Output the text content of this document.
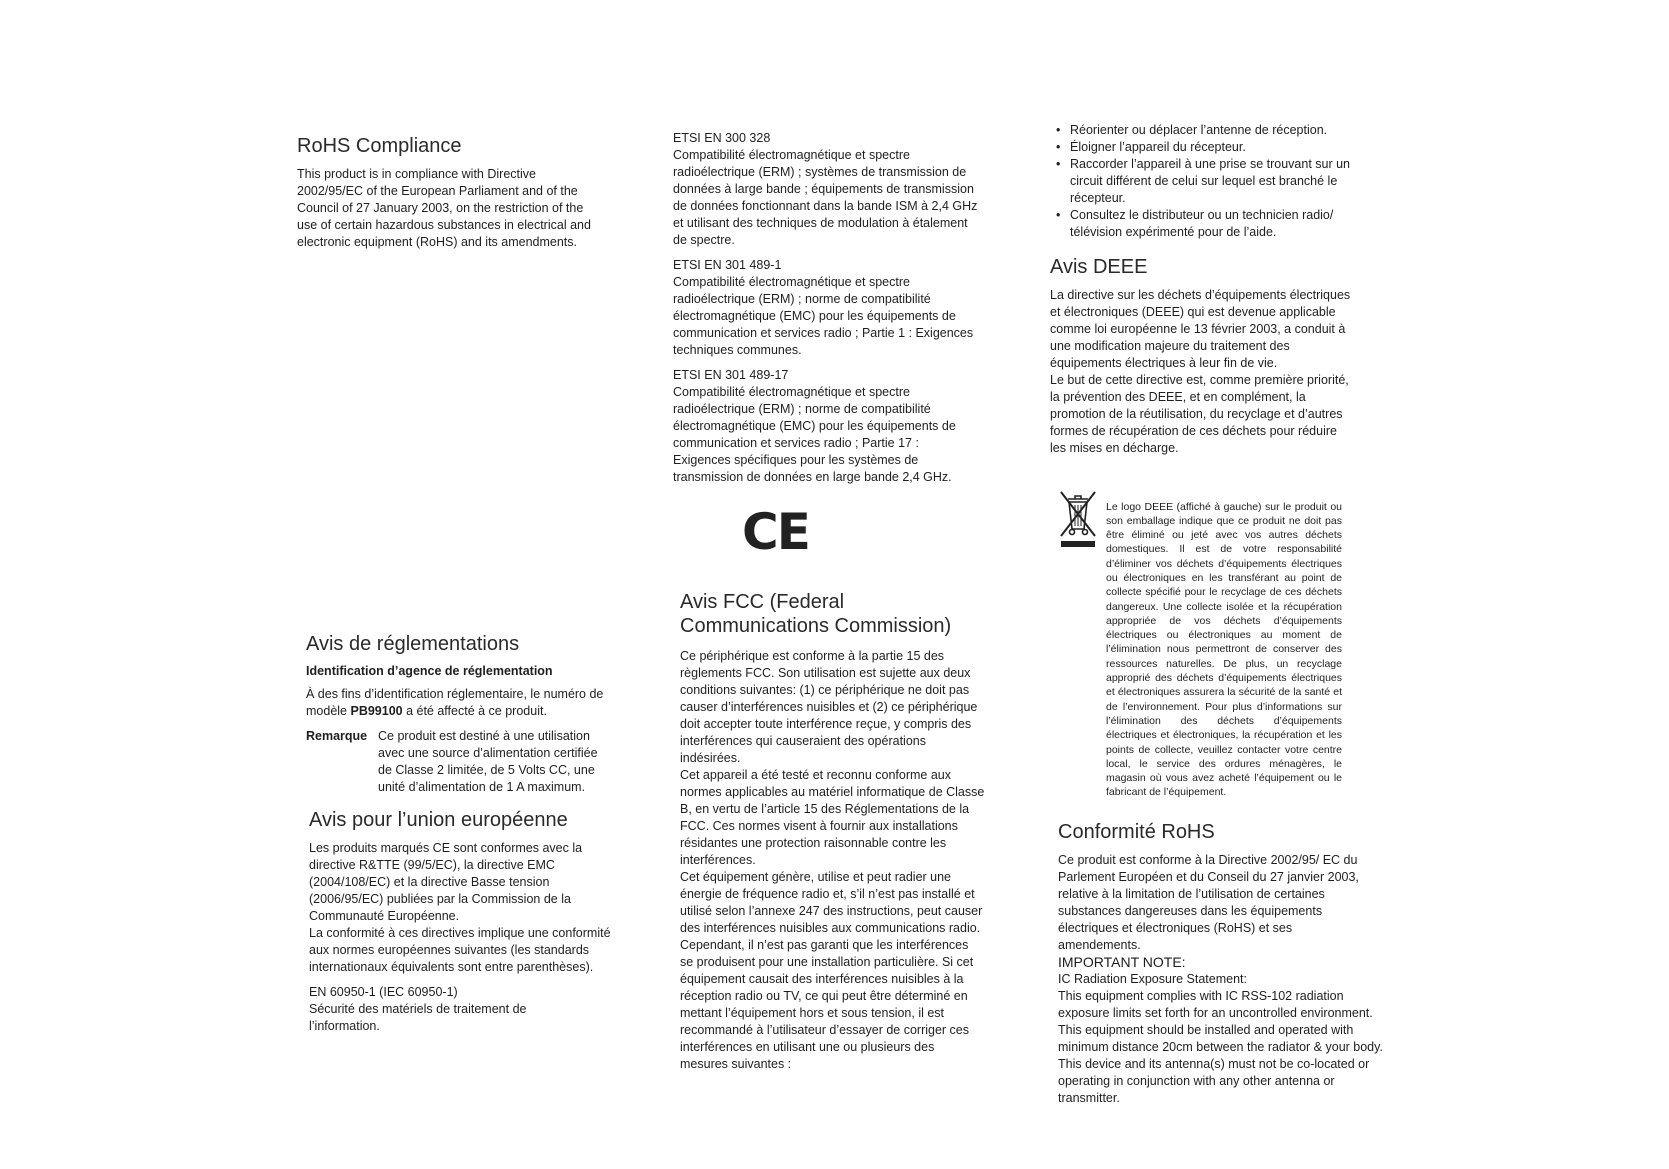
RoHS Compliance

This product is in compliance with Directive 2002/95/EC of the European Parliament and of the Council of 27 January 2003, on the restriction of the use of certain hazardous substances in electrical and electronic equipment (RoHS) and its amendments.

Avis de réglementations
Identification d’agence de réglementation

À des fins d’identification réglementaire, le numéro de modèle PB99100 a été affecté à ce produit.

Remarque Ce produit est destiné à une utilisation avec une source d’alimentation certifiée de Classe 2 limitée, de 5 Volts CC, une unité d’alimentation de 1 A maximum.
Avis pour l’union européenne

Les produits marqués CE sont conformes avec la directive R&TTE (99/5/EC), la directive EMC (2004/108/EC) et la directive Basse tension (2006/95/EC) publiées par la Commission de la Communauté Européenne.

La conformité à ces directives implique une conformité aux normes européennes suivantes (les standards internationaux équivalents sont entre parenthèses).

EN 60950-1 (IEC 60950-1)

Sécurité des matériels de traitement de l’information.

ETSI EN 300 328

Compatibilité électromagnétique et spectre radioélectrique (ERM) ; systèmes de transmission de données à large bande ; équipements de transmission de données fonctionnant dans la bande ISM à 2,4 GHz et utilisant des techniques de modulation à étalement de spectre.

ETSI EN 301 489-1

Compatibilité électromagnétique et spectre radioélectrique (ERM) ; norme de compatibilité électromagnétique (EMC) pour les équipements de communication et services radio ; Partie 1 : Exigences techniques communes.

ETSI EN 301 489-17

Compatibilité électromagnétique et spectre radioélectrique (ERM) ; norme de compatibilité électromagnétique (EMC) pour les équipements de communication et services radio ; Partie 17 : Exigences spécifiques pour les systèmes de transmission de données en large bande 2,4 GHz.

CE
Avis FCC (Federal Communications Commission)

Ce périphérique est conforme à la partie 15 des règlements FCC. Son utilisation est sujette aux deux conditions suivantes: (1) ce périphérique ne doit pas causer d’interférences nuisibles et (2) ce périphérique doit accepter toute interférence reçue, y compris des interférences qui causeraient des opérations indésirées.

Cet appareil a été testé et reconnu conforme aux normes applicables au matériel informatique de Classe B, en vertu de l’article 15 des Réglementations de la FCC. Ces normes visent à fournir aux installations résidantes une protection raisonnable contre les interférences.

Cet équipement génère, utilise et peut radier une énergie de fréquence radio et, s’il n’est pas installé et utilisé selon l’annexe 247 des instructions, peut causer des interférences nuisibles aux communications radio. Cependant, il n’est pas garanti que les interférences se produisent pour une installation particulière. Si cet équipement causait des interférences nuisibles à la réception radio ou TV, ce qui peut être déterminé en mettant l’équipement hors et sous tension, il est recommandé à l’utilisateur d’essayer de corriger ces interférences en utilisant une ou plusieurs des mesures suivantes :

• Réorienter ou déplacer l’antenne de réception.
• Éloigner l’appareil du récepteur.
• Raccorder l’appareil à une prise se trouvant sur un circuit différent de celui sur lequel est branché le récepteur.
• Consultez le distributeur ou un technicien radio/ télévision expérimenté pour de l’aide.
Avis DEEE

La directive sur les déchets d’équipements électriques et électroniques (DEEE) qui est devenue applicable comme loi européenne le 13 février 2003, a conduit à une modification majeure du traitement des équipements électriques à leur fin de vie.

Le but de cette directive est, comme première priorité, la prévention des DEEE, et en complément, la promotion de la réutilisation, du recyclage et d’autres formes de récupération de ces déchets pour réduire les mises en décharge.

Le logo DEEE (affiché à gauche) sur le produit ou son emballage indique que ce produit ne doit pas être éliminé ou jeté avec vos autres déchets domestiques. Il est de votre responsabilité d’éliminer vos déchets d’équipements électriques ou électroniques en les transférant au point de collecte spécifié pour le recyclage de ces déchets dangereux. Une collecte isolée et la récupération appropriée de vos déchets d’équipements électriques ou électroniques au moment de l’élimination nous permettront de conserver des ressources naturelles. De plus, un recyclage approprié des déchets d’équipements électriques et électroniques assurera la sécurité de la santé et de l’environnement. Pour plus d’informations sur l’élimination des déchets d’équipements électriques et électroniques, la récupération et les points de collecte, veuillez contacter votre centre local, le service des ordures ménagères, le magasin où vous avez acheté l’équipement ou le fabricant de l’équipement.

Conformité RoHS

Ce produit est conforme à la Directive 2002/95/ EC du Parlement Européen et du Conseil du 27 janvier 2003, relative à la limitation de l’utilisation de certaines substances dangereuses dans les équipements électriques et électroniques (RoHS) et ses amendements.

IMPORTANT NOTE:
IC Radiation Exposure Statement:

This equipment complies with IC RSS-102 radiation exposure limits set forth for an uncontrolled environment. This equipment should be installed and operated with minimum distance 20cm between the radiator & your body. This device and its antenna(s) must not be co-located or operating in conjunction with any other antenna or transmitter.
